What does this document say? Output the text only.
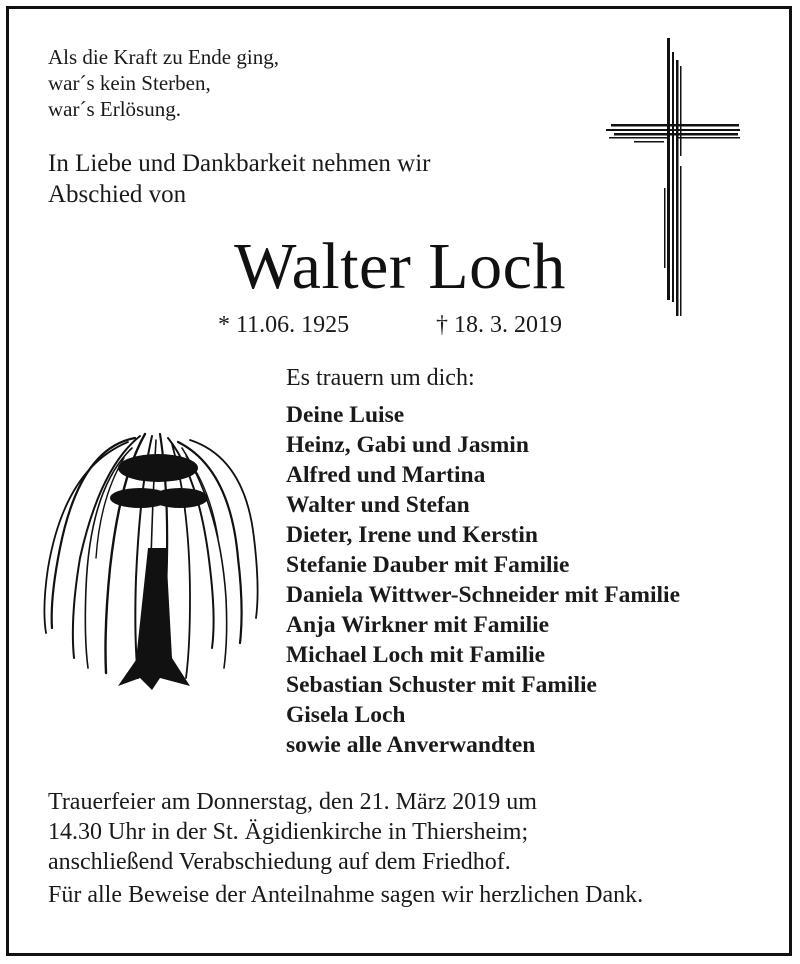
Als die Kraft zu Ende ging,
war´s kein Sterben,
war´s Erlösung.
In Liebe und Dankbarkeit nehmen wir
Abschied von
Walter Loch
* 11.06. 1925	† 18. 3. 2019
Es trauern um dich:
Deine Luise
Heinz, Gabi und Jasmin
Alfred und Martina
Walter und Stefan
Dieter, Irene und Kerstin
Stefanie Dauber mit Familie
Daniela Wittwer-Schneider mit Familie
Anja Wirkner mit Familie
Michael Loch mit Familie
Sebastian Schuster mit Familie
Gisela Loch
sowie alle Anverwandten
Trauerfeier am Donnerstag, den 21. März 2019 um
14.30 Uhr in der St. Ägidienkirche in Thiersheim;
anschließend Verabschiedung auf dem Friedhof.
Für alle Beweise der Anteilnahme sagen wir herzlichen Dank.
